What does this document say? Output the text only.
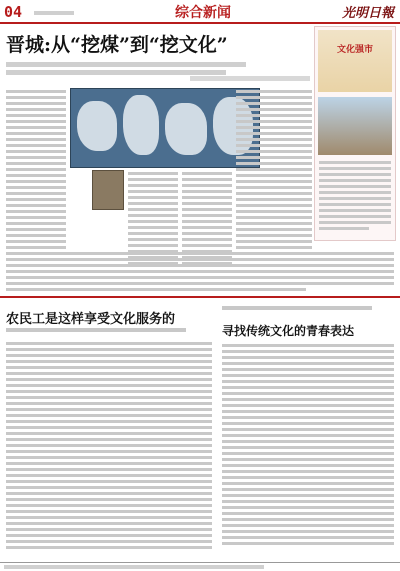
04	综合新闻	光明日報
晋城:从“挖煤”到“挖文化”	文化强市
农民工是这样享受文化服务的
寻找传统文化的青春表达
